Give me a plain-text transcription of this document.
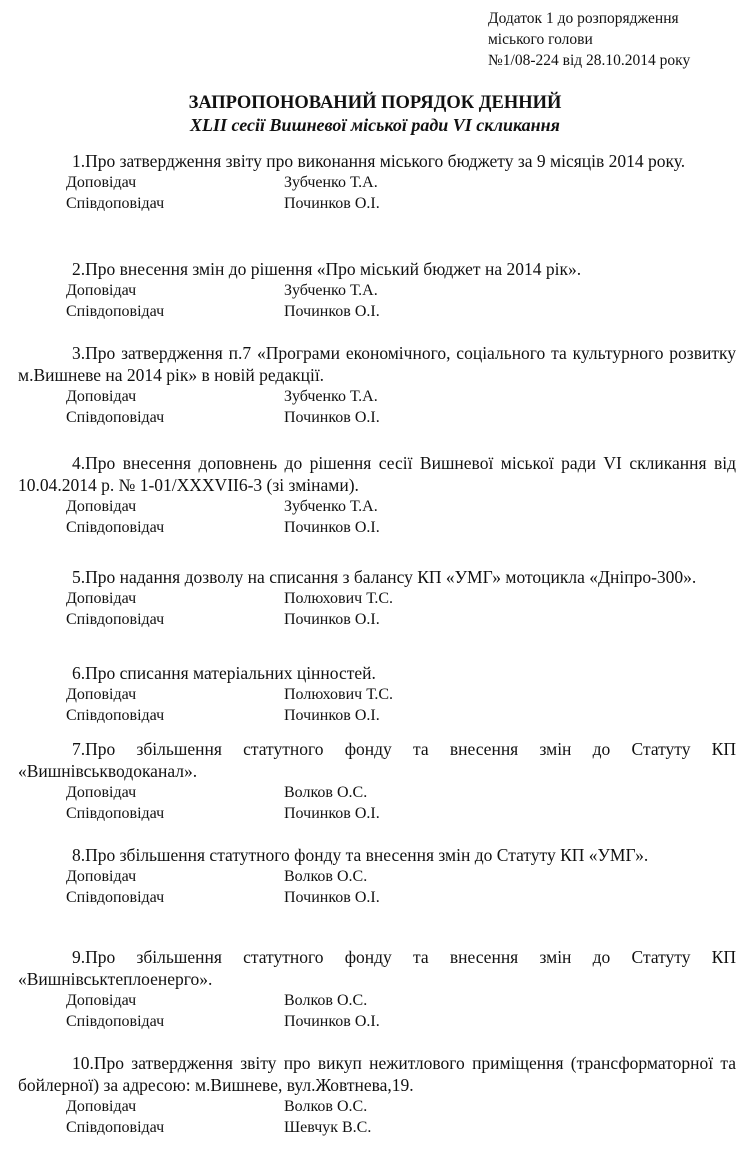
Додаток 1 до розпорядження
міського голови
№1/08-224 від 28.10.2014 року
ЗАПРОПОНОВАНИЙ ПОРЯДОК ДЕННИЙ
XLII сесії Вишневої міської ради VI скликання
1.Про затвердження звіту про виконання міського бюджету за 9 місяців 2014 року.
Доповідач	Зубченко Т.А.
Співдоповідач	Починков О.І.
2.Про внесення змін до рішення «Про міський бюджет на 2014 рік».
Доповідач	Зубченко Т.А.
Співдоповідач	Починков О.І.
3.Про затвердження п.7 «Програми економічного, соціального та культурного розвитку м.Вишневе на 2014 рік» в новій редакції.
Доповідач	Зубченко Т.А.
Співдоповідач	Починков О.І.
4.Про внесення доповнень до рішення сесії Вишневої міської ради VI скликання від 10.04.2014 р. № 1-01/XXXVII6-3 (зі змінами).
Доповідач	Зубченко Т.А.
Співдоповідач	Починков О.І.
5.Про надання дозволу на списання з балансу КП «УМГ» мотоцикла «Дніпро-300».
Доповідач	Полюхович Т.С.
Співдоповідач	Починков О.І.
6.Про списання матеріальних цінностей.
Доповідач	Полюхович Т.С.
Співдоповідач	Починков О.І.
7.Про збільшення статутного фонду та внесення змін до Статуту КП «Вишнівськводоканал».
Доповідач	Волков О.С.
Співдоповідач	Починков О.І.
8.Про збільшення статутного фонду та внесення змін до Статуту КП «УМГ».
Доповідач	Волков О.С.
Співдоповідач	Починков О.І.
9.Про збільшення статутного фонду та внесення змін до Статуту КП «Вишнівськтеплоенерго».
Доповідач	Волков О.С.
Співдоповідач	Починков О.І.
10.Про затвердження звіту про викуп нежитлового приміщення (трансформаторної та бойлерної) за адресою: м.Вишневе, вул.Жовтнева,19.
Доповідач	Волков О.С.
Співдоповідач	Шевчук В.С.
